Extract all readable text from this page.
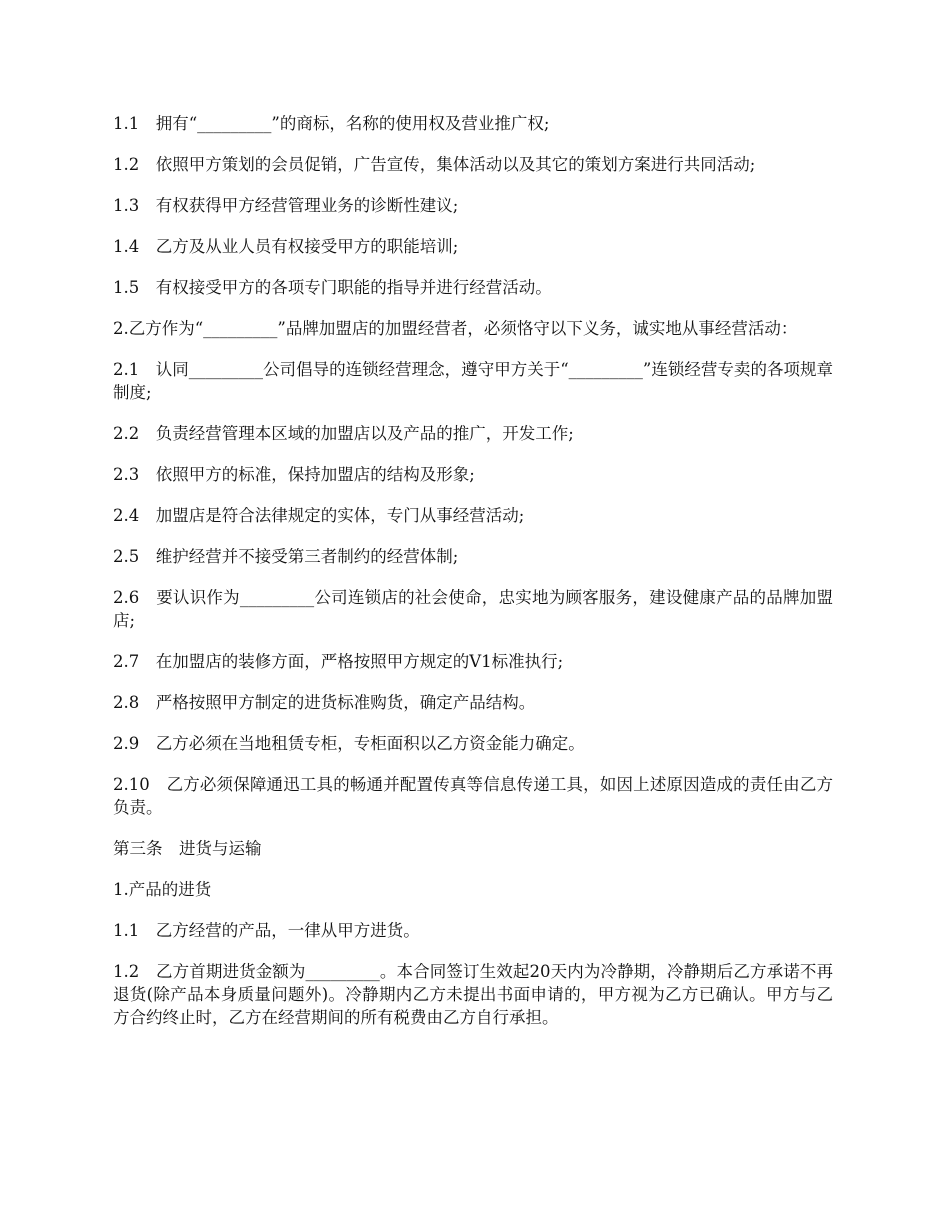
1.1　拥有“_________”的商标，名称的使用权及营业推广权;

1.2　依照甲方策划的会员促销，广告宣传，集体活动以及其它的策划方案进行共同活动;

1.3　有权获得甲方经营管理业务的诊断性建议;

1.4　乙方及从业人员有权接受甲方的职能培训;

1.5　有权接受甲方的各项专门职能的指导并进行经营活动。

2.乙方作为“_________”品牌加盟店的加盟经营者，必须恪守以下义务，诚实地从事经营活动：

2.1　认同_________公司倡导的连锁经营理念，遵守甲方关于“_________”连锁经营专卖的各项规章制度;

2.2　负责经营管理本区域的加盟店以及产品的推广，开发工作;

2.3　依照甲方的标准，保持加盟店的结构及形象;

2.4　加盟店是符合法律规定的实体，专门从事经营活动;

2.5　维护经营并不接受第三者制约的经营体制;

2.6　要认识作为_________公司连锁店的社会使命，忠实地为顾客服务，建设健康产品的品牌加盟店;

2.7　在加盟店的装修方面，严格按照甲方规定的V1标准执行;

2.8　严格按照甲方制定的进货标准购货，确定产品结构。

2.9　乙方必须在当地租赁专柜，专柜面积以乙方资金能力确定。

2.10　乙方必须保障通迅工具的畅通并配置传真等信息传递工具，如因上述原因造成的责任由乙方负责。

第三条　进货与运输

1.产品的进货

1.1　乙方经营的产品，一律从甲方进货。

1.2　乙方首期进货金额为_________。本合同签订生效起20天内为冷静期，冷静期后乙方承诺不再退货(除产品本身质量问题外)。冷静期内乙方未提出书面申请的，甲方视为乙方已确认。甲方与乙方合约终止时，乙方在经营期间的所有税费由乙方自行承担。
